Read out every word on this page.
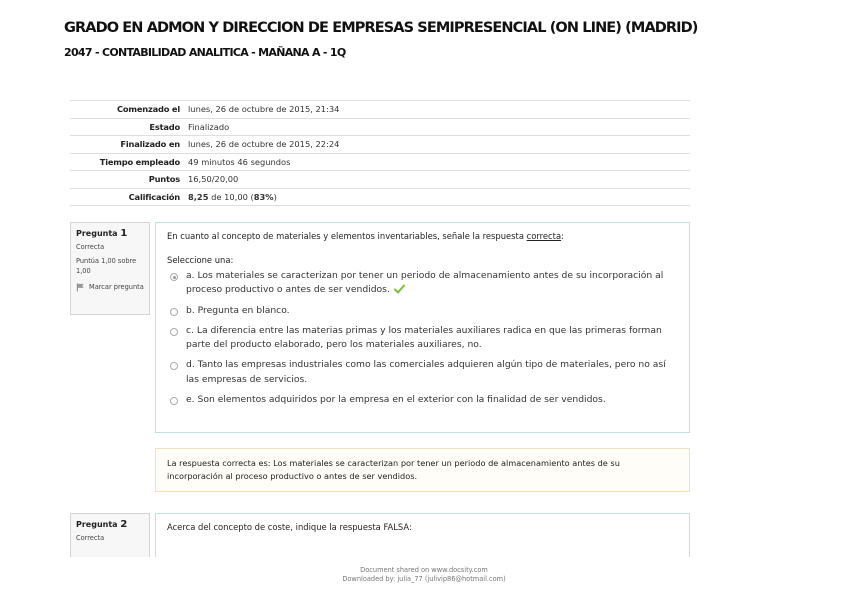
GRADO EN ADMON Y DIRECCION DE EMPRESAS SEMIPRESENCIAL (ON LINE) (MADRID)
2047 - CONTABILIDAD ANALITICA - MAÑANA A - 1Q
Comenzado el	lunes, 26 de octubre de 2015, 21:34
Estado	Finalizado
Finalizado en	lunes, 26 de octubre de 2015, 22:24
Tiempo empleado	49 minutos 46 segundos
Puntos	16,50/20,00
Calificación	8,25 de 10,00 (83%)
Pregunta 1
Correcta
Puntúa 1,00 sobre 1,00
Marcar pregunta
En cuanto al concepto de materiales y elementos inventariables, señale la respuesta correcta:
Seleccione una:
a. Los materiales se caracterizan por tener un periodo de almacenamiento antes de su incorporación al proceso productivo o antes de ser vendidos.
b. Pregunta en blanco.
c. La diferencia entre las materias primas y los materiales auxiliares radica en que las primeras forman parte del producto elaborado, pero los materiales auxiliares, no.
d. Tanto las empresas industriales como las comerciales adquieren algún tipo de materiales, pero no así las empresas de servicios.
e. Son elementos adquiridos por la empresa en el exterior con la finalidad de ser vendidos.
La respuesta correcta es: Los materiales se caracterizan por tener un periodo de almacenamiento antes de su incorporación al proceso productivo o antes de ser vendidos.
Pregunta 2
Correcta
Acerca del concepto de coste, indique la respuesta FALSA:
Document shared on www.docsity.com
Downloaded by: julia_77 (julivip86@hotmail.com)
